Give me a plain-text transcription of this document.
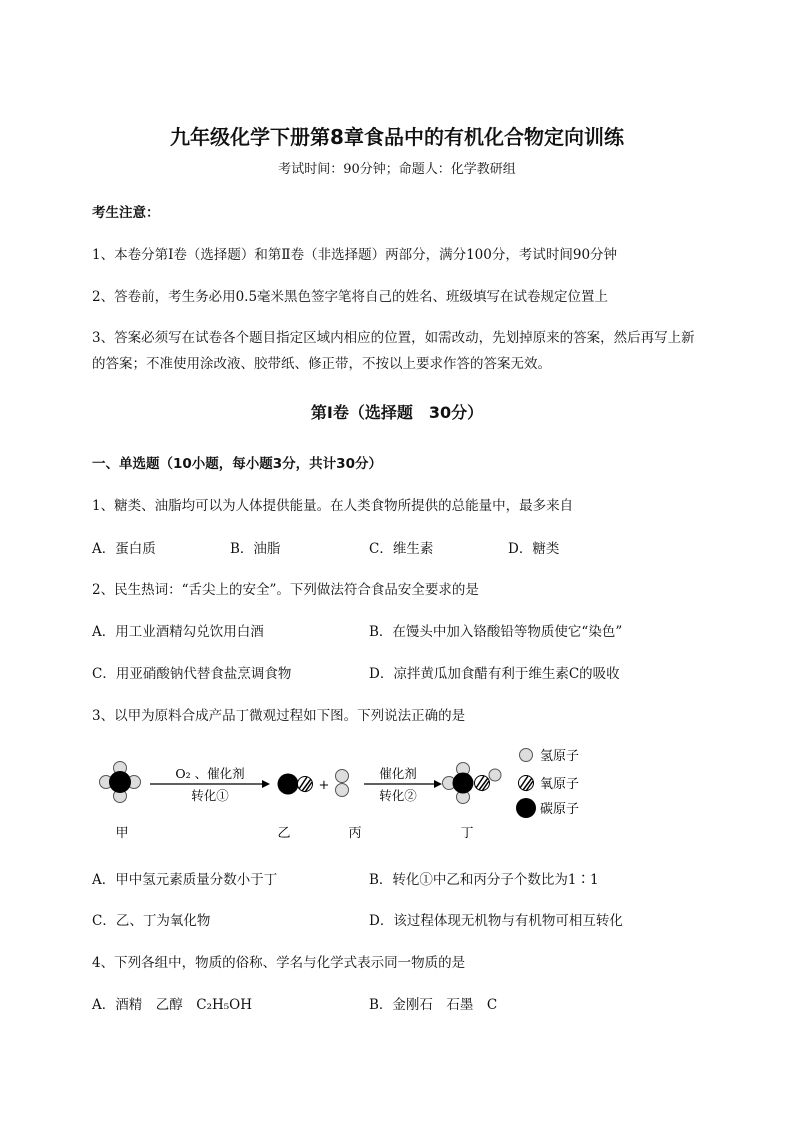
九年级化学下册第8章食品中的有机化合物定向训练
考试时间：90分钟；命题人：化学教研组
考生注意：
1、本卷分第Ⅰ卷（选择题）和第Ⅱ卷（非选择题）两部分，满分100分，考试时间90分钟
2、答卷前，考生务必用0.5毫米黑色签字笔将自己的姓名、班级填写在试卷规定位置上
3、答案必须写在试卷各个题目指定区域内相应的位置，如需改动，先划掉原来的答案，然后再写上新
的答案；不准使用涂改液、胶带纸、修正带，不按以上要求作答的答案无效。
第Ⅰ卷（选择题　30分）
一、单选题（10小题，每小题3分，共计30分）
1、糖类、油脂均可以为人体提供能量。在人类食物所提供的总能量中，最多来自
A．蛋白质	B．油脂	C．维生素	D．糖类
2、民生热词：“舌尖上的安全”。下列做法符合食品安全要求的是
A．用工业酒精勾兑饮用白酒	B．在馒头中加入铬酸铅等物质使它“染色”
C．用亚硝酸钠代替食盐烹调食物	D．凉拌黄瓜加食醋有利于维生素C的吸收
3、以甲为原料合成产品丁微观过程如下图。下列说法正确的是
O₂ 、催化剂
转化①
+
催化剂
转化②
甲	乙	丙	丁
氢原子
氧原子
碳原子
A．甲中氢元素质量分数小于丁	B．转化①中乙和丙分子个数比为1∶1
C．乙、丁为氧化物	D．该过程体现无机物与有机物可相互转化
4、下列各组中，物质的俗称、学名与化学式表示同一物质的是
A．酒精　乙醇　C₂H₅OH	B．金刚石　石墨　C
